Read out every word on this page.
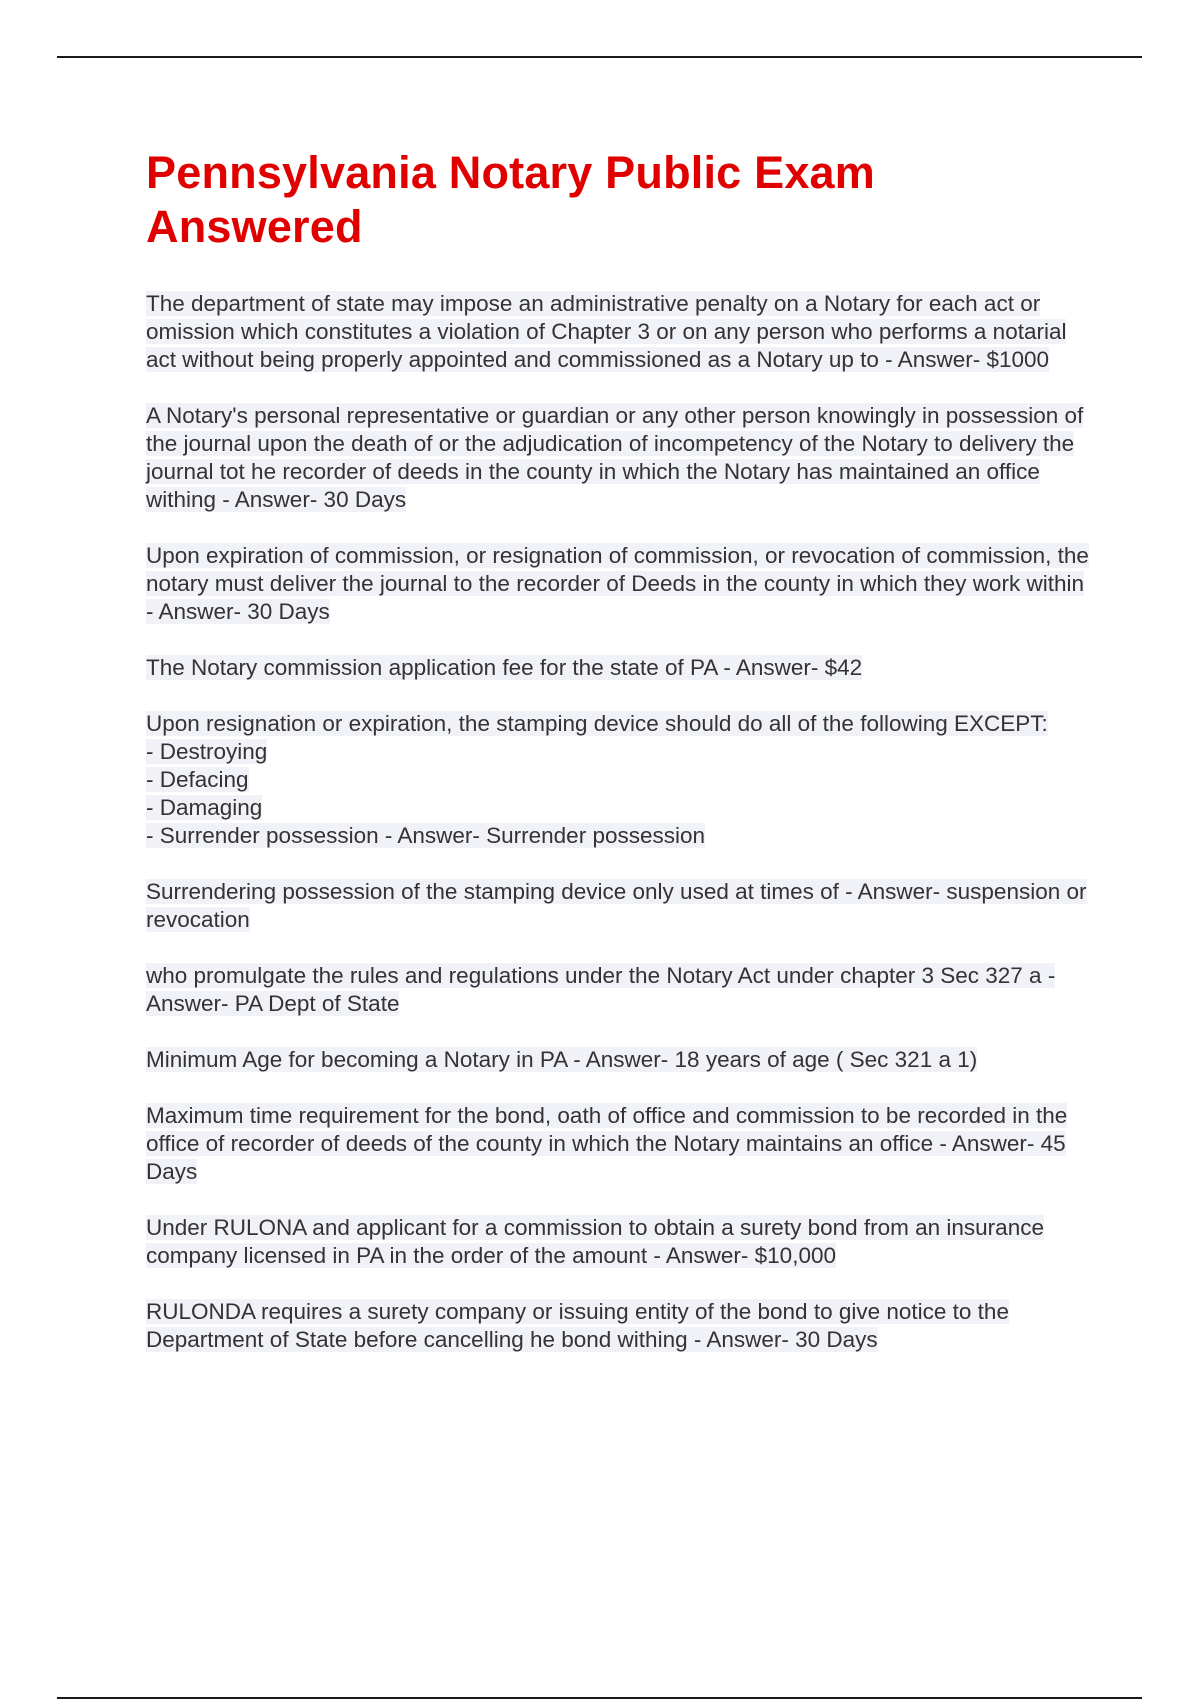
Pennsylvania Notary Public Exam Answered

The department of state may impose an administrative penalty on a Notary for each act or omission which constitutes a violation of Chapter 3 or on any person who performs a notarial act without being properly appointed and commissioned as a Notary up to - Answer- $1000

A Notary's personal representative or guardian or any other person knowingly in possession of the journal upon the death of or the adjudication of incompetency of the Notary to delivery the journal tot he recorder of deeds in the county in which the Notary has maintained an office withing - Answer- 30 Days

Upon expiration of commission, or resignation of commission, or revocation of commission, the notary must deliver the journal to the recorder of Deeds in the county in which they work within - Answer- 30 Days

The Notary commission application fee for the state of PA - Answer- $42

Upon resignation or expiration, the stamping device should do all of the following EXCEPT:
- Destroying
- Defacing
- Damaging
- Surrender possession - Answer- Surrender possession

Surrendering possession of the stamping device only used at times of - Answer- suspension or revocation

who promulgate the rules and regulations under the Notary Act under chapter 3 Sec 327 a - Answer- PA Dept of State

Minimum Age for becoming a Notary in PA - Answer- 18 years of age ( Sec 321 a 1)

Maximum time requirement for the bond, oath of office and commission to be recorded in the office of recorder of deeds of the county in which the Notary maintains an office - Answer- 45 Days

Under RULONA and applicant for a commission to obtain a surety bond from an insurance company licensed in PA in the order of the amount - Answer- $10,000

RULONDA requires a surety company or issuing entity of the bond to give notice to the Department of State before cancelling he bond withing - Answer- 30 Days
